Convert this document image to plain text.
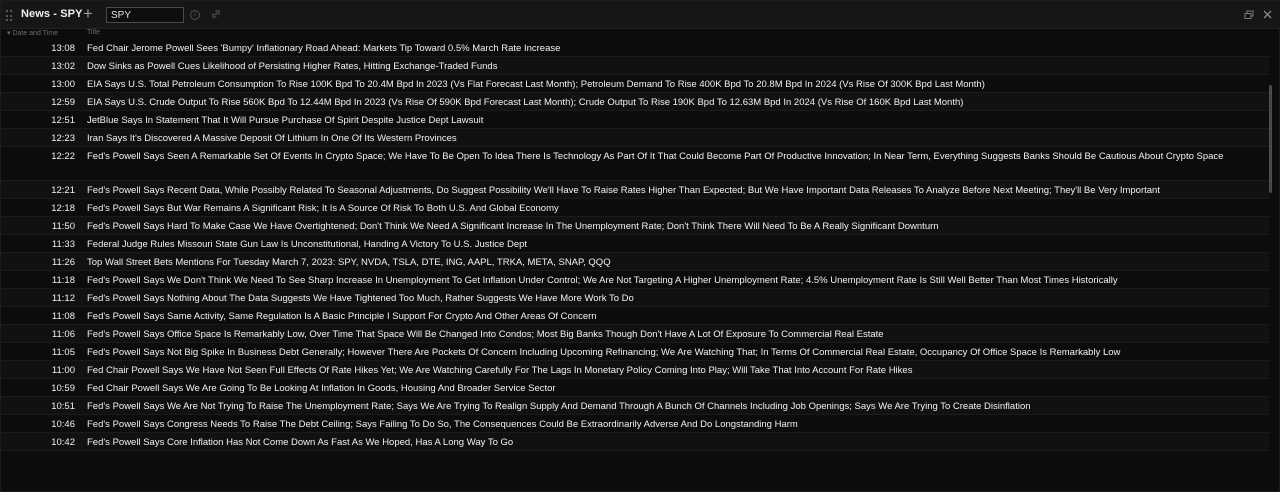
News - SPY +
SPY	i
▾ Date and Time	Title
13:08 Fed Chair Jerome Powell Sees 'Bumpy' Inflationary Road Ahead: Markets Tip Toward 0.5% March Rate Increase
13:02 Dow Sinks as Powell Cues Likelihood of Persisting Higher Rates, Hitting Exchange-Traded Funds
13:00 EIA Says U.S. Total Petroleum Consumption To Rise 100K Bpd To 20.4M Bpd In 2023 (Vs Flat Forecast Last Month); Petroleum Demand To Rise 400K Bpd To 20.8M Bpd In 2024 (Vs Rise Of 300K Bpd Last Month)
12:59 EIA Says U.S. Crude Output To Rise 560K Bpd To 12.44M Bpd In 2023 (Vs Rise Of 590K Bpd Forecast Last Month); Crude Output To Rise 190K Bpd To 12.63M Bpd In 2024 (Vs Rise Of 160K Bpd Last Month)
12:51 JetBlue Says In Statement That It Will Pursue Purchase Of Spirit Despite Justice Dept Lawsuit
12:23 Iran Says It's Discovered A Massive Deposit Of Lithium In One Of Its Western Provinces
12:22 Fed's Powell Says Seen A Remarkable Set Of Events In Crypto Space; We Have To Be Open To Idea There Is Technology As Part Of It That Could Become Part Of Productive Innovation; In Near Term, Everything Suggests Banks Should Be Cautious About Crypto Space
12:21 Fed's Powell Says Recent Data, While Possibly Related To Seasonal Adjustments, Do Suggest Possibility We'll Have To Raise Rates Higher Than Expected; But We Have Important Data Releases To Analyze Before Next Meeting; They'll Be Very Important
12:18 Fed's Powell Says But War Remains A Significant Risk; It Is A Source Of Risk To Both U.S. And Global Economy
11:50 Fed's Powell Says Hard To Make Case We Have Overtightened; Don't Think We Need A Significant Increase In The Unemployment Rate; Don't Think There Will Need To Be A Really Significant Downturn
11:33 Federal Judge Rules Missouri State Gun Law Is Unconstitutional, Handing A Victory To U.S. Justice Dept
11:26 Top Wall Street Bets Mentions For Tuesday March 7, 2023: SPY, NVDA, TSLA, DTE, ING, AAPL, TRKA, META, SNAP, QQQ
11:18 Fed's Powell Says We Don't Think We Need To See Sharp Increase In Unemployment To Get Inflation Under Control; We Are Not Targeting A Higher Unemployment Rate; 4.5% Unemployment Rate Is Still Well Better Than Most Times Historically
11:12 Fed's Powell Says Nothing About The Data Suggests We Have Tightened Too Much, Rather Suggests We Have More Work To Do
11:08 Fed's Powell Says Same Activity, Same Regulation Is A Basic Principle I Support For Crypto And Other Areas Of Concern
11:06 Fed's Powell Says Office Space Is Remarkably Low, Over Time That Space Will Be Changed Into Condos; Most Big Banks Though Don't Have A Lot Of Exposure To Commercial Real Estate
11:05 Fed's Powell Says Not Big Spike In Business Debt Generally; However There Are Pockets Of Concern Including Upcoming Refinancing; We Are Watching That; In Terms Of Commercial Real Estate, Occupancy Of Office Space Is Remarkably Low
11:00 Fed Chair Powell Says We Have Not Seen Full Effects Of Rate Hikes Yet; We Are Watching Carefully For The Lags In Monetary Policy Coming Into Play; Will Take That Into Account For Rate Hikes
10:59 Fed Chair Powell Says We Are Going To Be Looking At Inflation In Goods, Housing And Broader Service Sector
10:51 Fed's Powell Says We Are Not Trying To Raise The Unemployment Rate; Says We Are Trying To Realign Supply And Demand Through A Bunch Of Channels Including Job Openings; Says We Are Trying To Create Disinflation
10:46 Fed's Powell Says Congress Needs To Raise The Debt Ceiling; Says Failing To Do So, The Consequences Could Be Extraordinarily Adverse And Do Longstanding Harm
10:42 Fed's Powell Says Core Inflation Has Not Come Down As Fast As We Hoped, Has A Long Way To Go
